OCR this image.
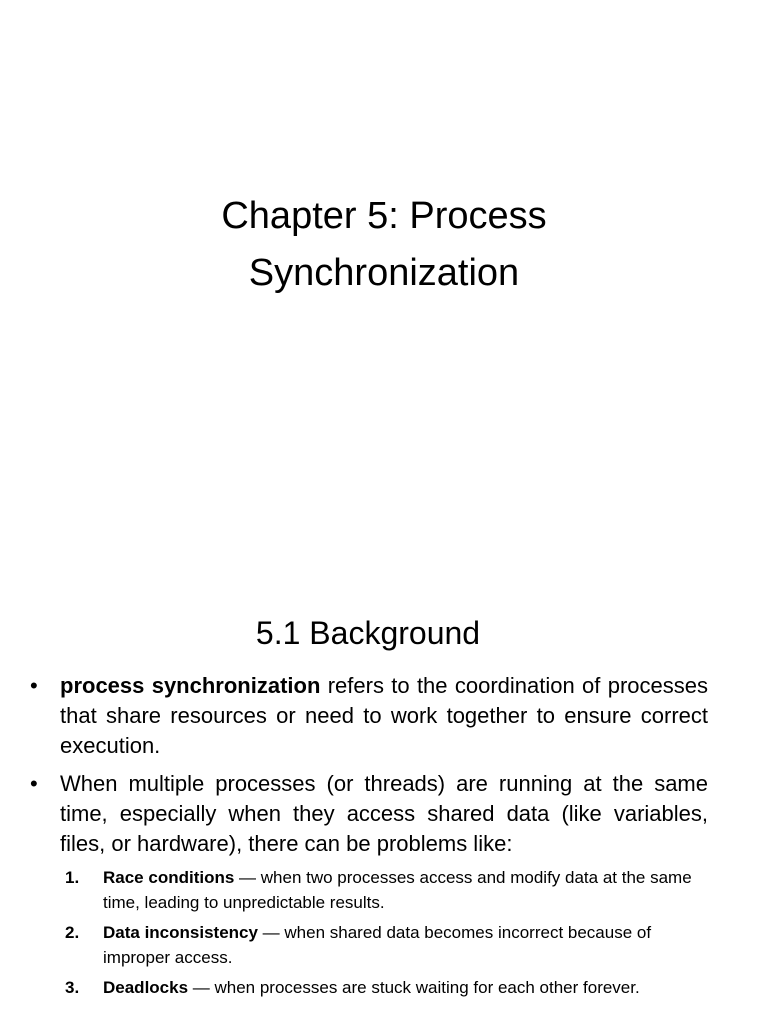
Chapter 5: Process
Synchronization
5.1 Background
•	process synchronization refers to the coordination of processes that share resources or need to work together to ensure correct execution.
•	When multiple processes (or threads) are running at the same time, especially when they access shared data (like variables, files, or hardware), there can be problems like:
1. Race conditions — when two processes access and modify data at the same time, leading to unpredictable results.
2. Data inconsistency — when shared data becomes incorrect because of improper access.
3. Deadlocks — when processes are stuck waiting for each other forever.
